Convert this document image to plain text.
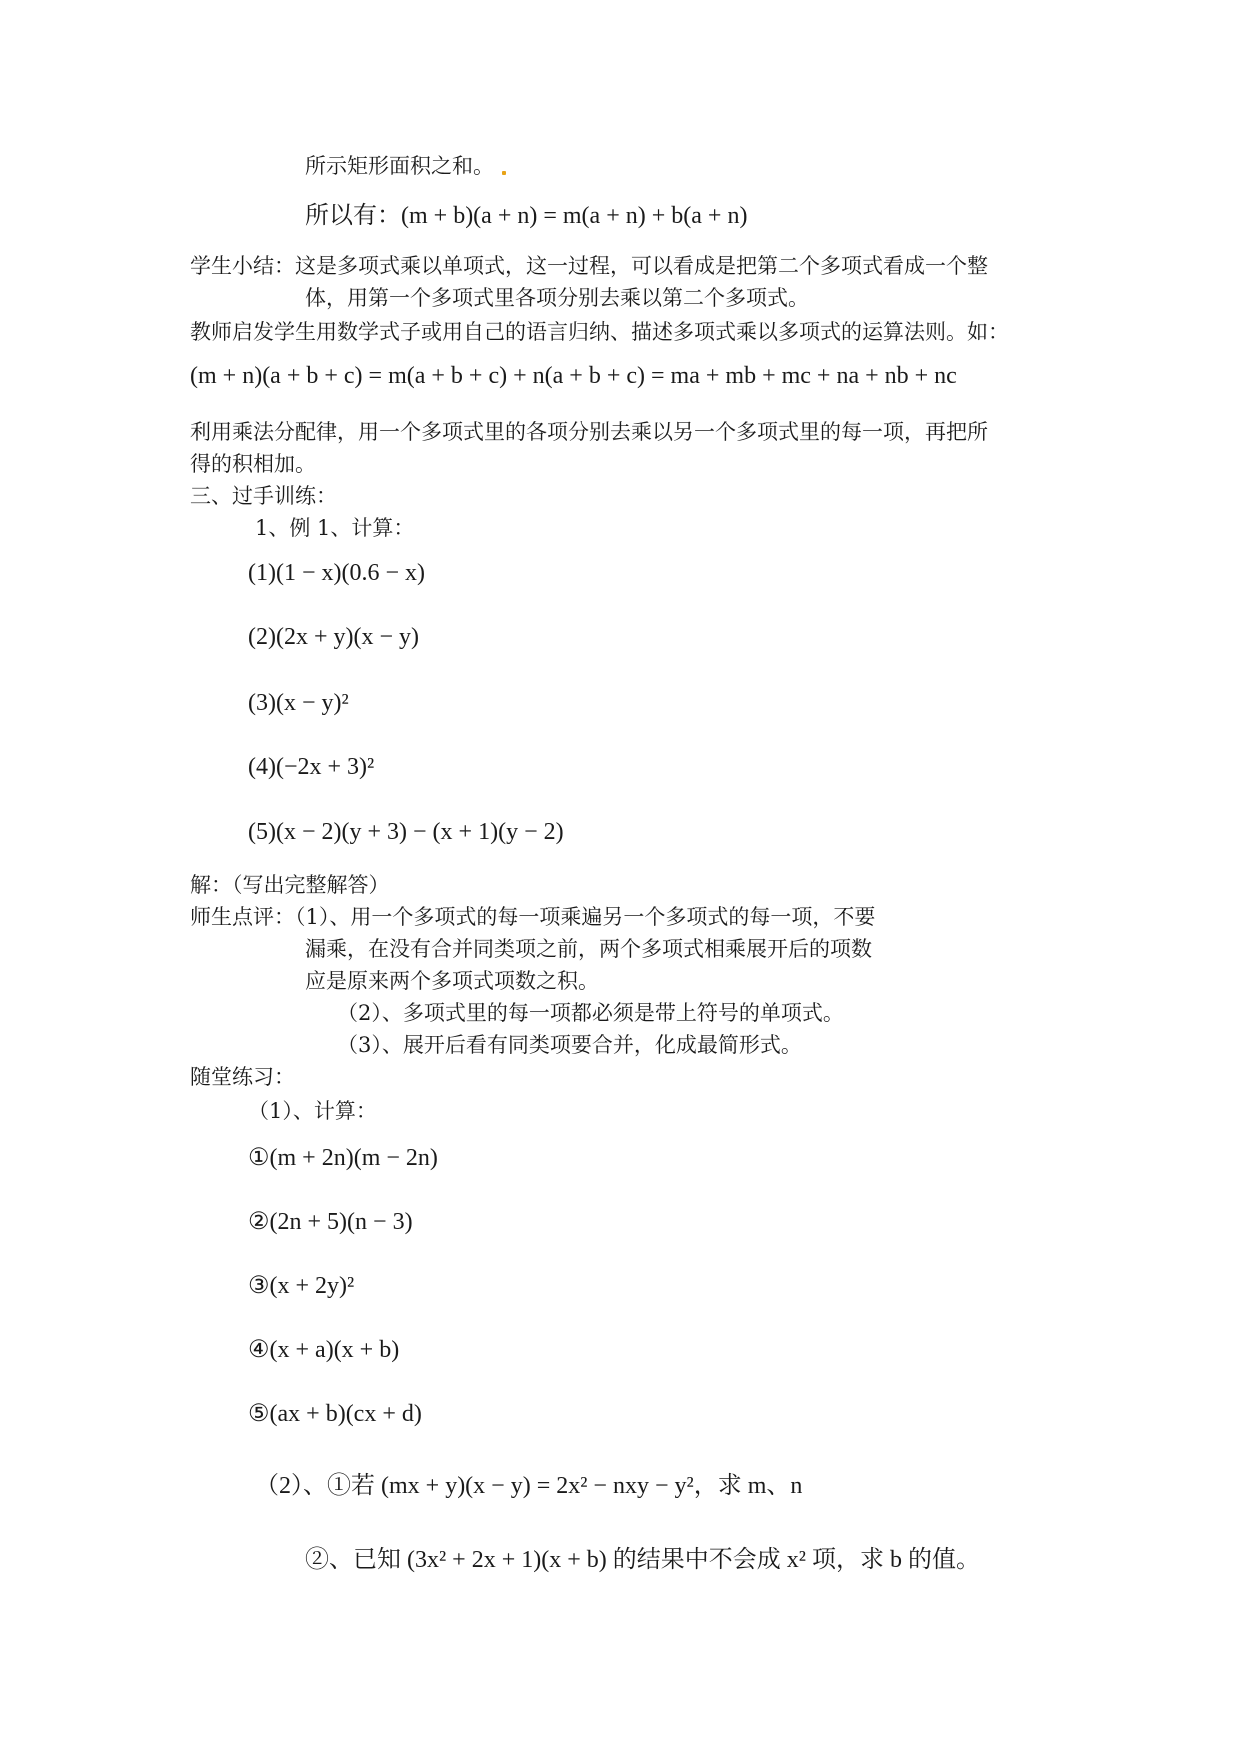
所示矩形面积之和。
所以有：(m + b)(a + n) = m(a + n) + b(a + n)
学生小结：这是多项式乘以单项式，这一过程，可以看成是把第二个多项式看成一个整
体，用第一个多项式里各项分别去乘以第二个多项式。
教师启发学生用数学式子或用自己的语言归纳、描述多项式乘以多项式的运算法则。如：
(m + n)(a + b + c) = m(a + b + c) + n(a + b + c) = ma + mb + mc + na + nb + nc
利用乘法分配律，用一个多项式里的各项分别去乘以另一个多项式里的每一项，再把所
得的积相加。
三、过手训练：
1、例 1、计算：
(1)(1 − x)(0.6 − x)
(2)(2x + y)(x − y)
(3)(x − y)²
(4)(−2x + 3)²
(5)(x − 2)(y + 3) − (x + 1)(y − 2)
解：（写出完整解答）
师生点评：（1）、用一个多项式的每一项乘遍另一个多项式的每一项，不要
漏乘，在没有合并同类项之前，两个多项式相乘展开后的项数
应是原来两个多项式项数之积。
（2）、多项式里的每一项都必须是带上符号的单项式。
（3）、展开后看有同类项要合并，化成最简形式。
随堂练习：
（1）、计算：
①(m + 2n)(m − 2n)
②(2n + 5)(n − 3)
③(x + 2y)²
④(x + a)(x + b)
⑤(ax + b)(cx + d)
（2）、①若 (mx + y)(x − y) = 2x² − nxy − y²，求 m、n
②、已知 (3x² + 2x + 1)(x + b) 的结果中不会成 x² 项，求 b 的值。
